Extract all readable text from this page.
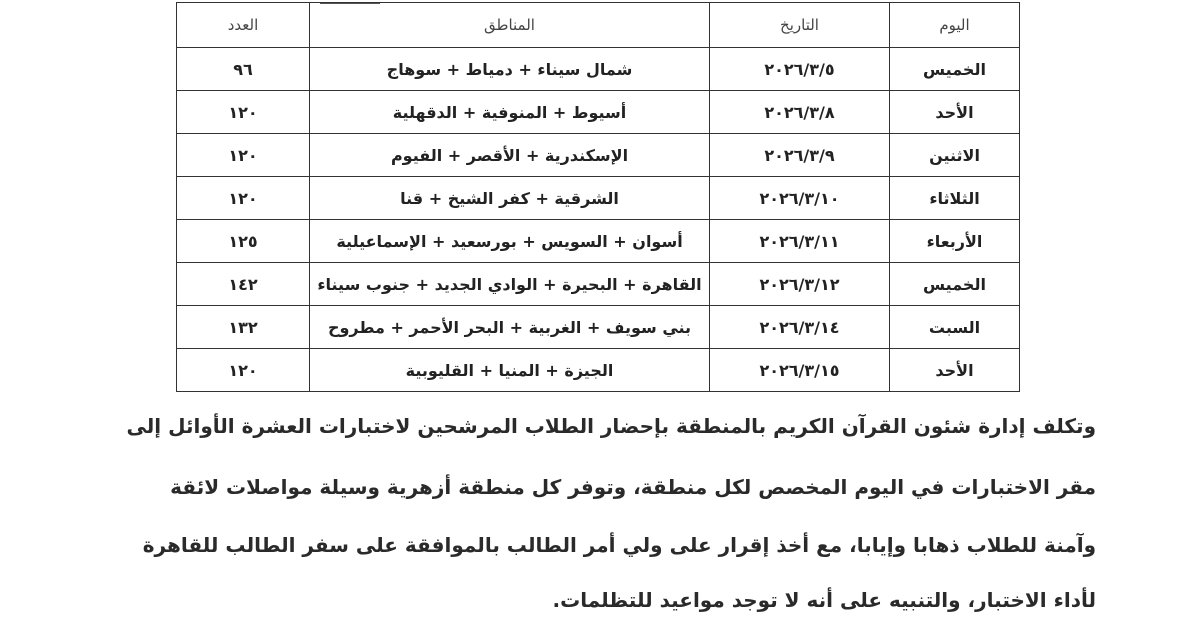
اليوم	التاريخ	المناطق	العدد
الخميس	٢٠٢٦/٣/٥	شمال سيناء + دمياط + سوهاج	٩٦
الأحد	٢٠٢٦/٣/٨	أسيوط + المنوفية + الدقهلية	١٢٠
الاثنين	٢٠٢٦/٣/٩	الإسكندرية + الأقصر + الفيوم	١٢٠
الثلاثاء	٢٠٢٦/٣/١٠	الشرقية + كفر الشيخ + قنا	١٢٠
الأربعاء	٢٠٢٦/٣/١١	أسوان + السويس + بورسعيد + الإسماعيلية	١٢٥
الخميس	٢٠٢٦/٣/١٢	القاهرة + البحيرة + الوادي الجديد + جنوب سيناء	١٤٢
السبت	٢٠٢٦/٣/١٤	بني سويف + الغربية + البحر الأحمر + مطروح	١٣٢
الأحد	٢٠٢٦/٣/١٥	الجيزة + المنيا + القليوبية	١٢٠
وتكلف إدارة شئون القرآن الكريم بالمنطقة بإحضار الطلاب المرشحين لاختبارات العشرة الأوائل إلى
مقر الاختبارات في اليوم المخصص لكل منطقة، وتوفر كل منطقة أزهرية وسيلة مواصلات لائقة
وآمنة للطلاب ذهابا وإيابا، مع أخذ إقرار على ولي أمر الطالب بالموافقة على سفر الطالب للقاهرة
لأداء الاختبار، والتنبيه على أنه لا توجد مواعيد للتظلمات.
